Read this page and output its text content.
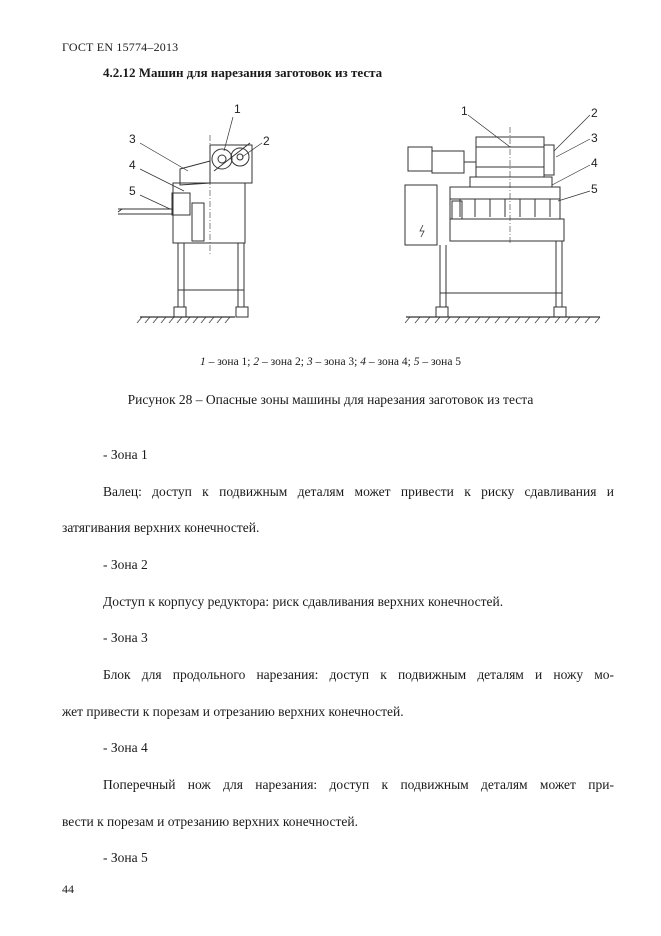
ГОСТ EN 15774–2013
4.2.12 Машин для нарезания заготовок из теста
1
2
3
4
5
1	2
3
4
5
1 – зона 1; 2 – зона 2; 3 – зона 3; 4 – зона 4; 5 – зона 5
Рисунок 28 – Опасные зоны машины для нарезания заготовок из теста
- Зона 1
Валец: доступ к подвижным деталям может привести к риску сдавливания и
затягивания верхних конечностей.
- Зона 2
Доступ к корпусу редуктора: риск сдавливания верхних конечностей.
- Зона 3
Блок для продольного нарезания: доступ к подвижным деталям и ножу мо-
жет привести к порезам и отрезанию верхних конечностей.
- Зона 4
Поперечный нож для нарезания: доступ к подвижным деталям может при-
вести к порезам и отрезанию верхних конечностей.
- Зона 5
44
